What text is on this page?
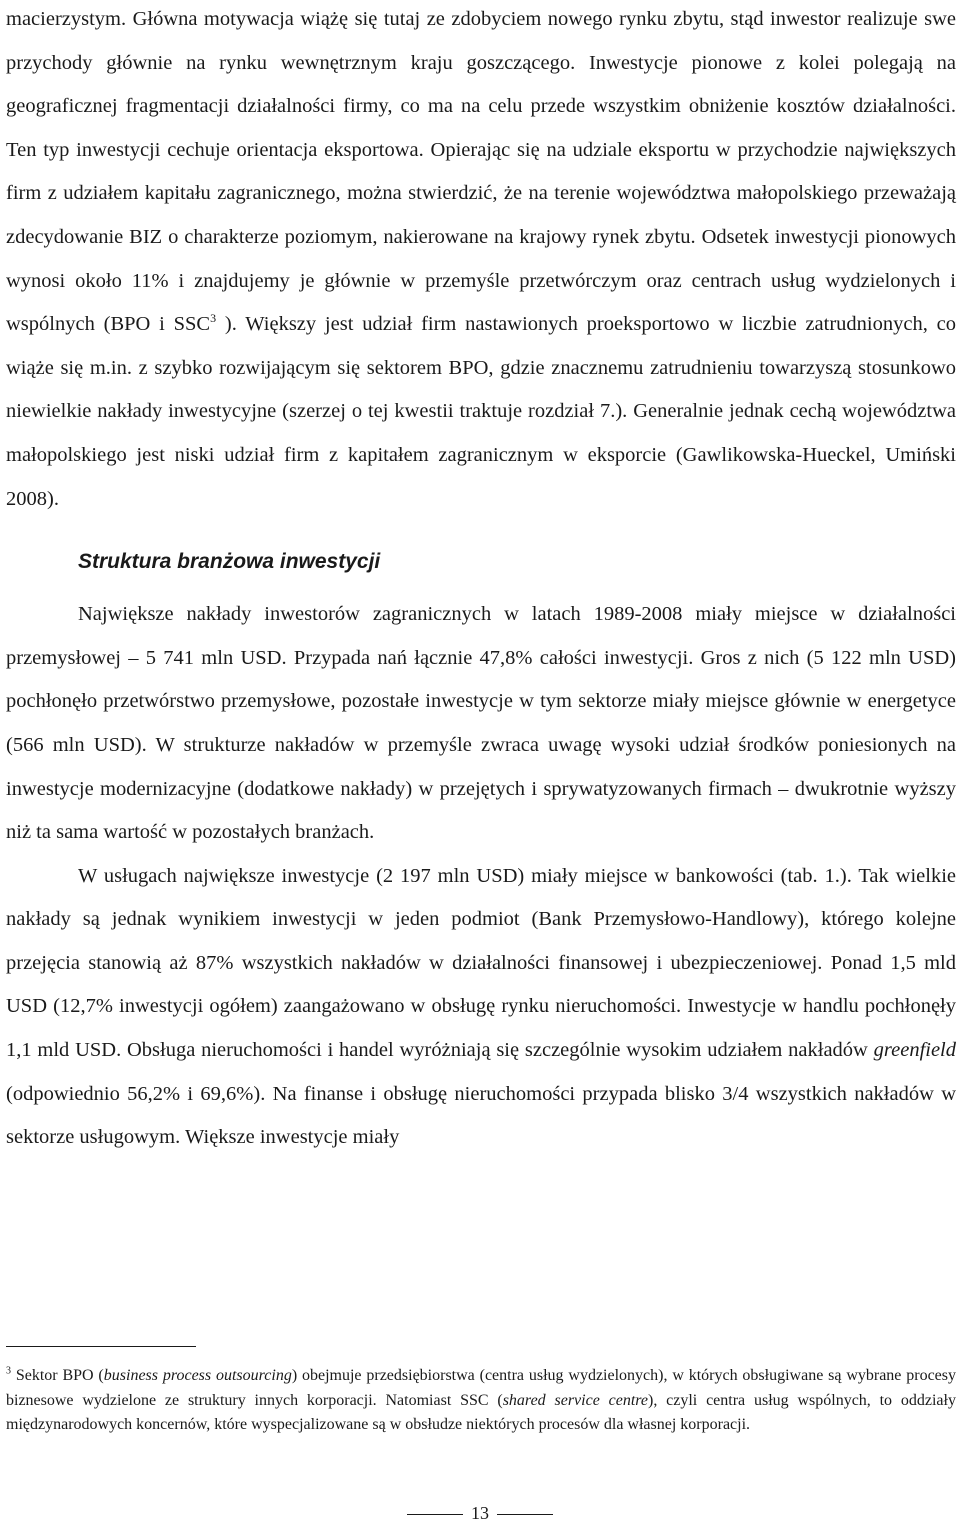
macierzystym. Główna motywacja wiążę się tutaj ze zdobyciem nowego rynku zbytu, stąd inwestor realizuje swe przychody głównie na rynku wewnętrznym kraju goszczącego. Inwestycje pionowe z kolei polegają na geograficznej fragmentacji działalności firmy, co ma na celu przede wszystkim obniżenie kosztów działalności. Ten typ inwestycji cechuje orientacja eksportowa. Opierając się na udziale eksportu w przychodzie największych firm z udziałem kapitału zagranicznego, można stwierdzić, że na terenie województwa małopolskiego przeważają zdecydowanie BIZ o charakterze poziomym, nakierowane na krajowy rynek zbytu. Odsetek inwestycji pionowych wynosi około 11% i znajdujemy je głównie w przemyśle przetwórczym oraz centrach usług wydzielonych i wspólnych (BPO i SSC$^3$ ). Większy jest udział firm nastawionych proeksportowo w liczbie zatrudnionych, co wiąże się m.in. z szybko rozwijającym się sektorem BPO, gdzie znacznemu zatrudnieniu towarzyszą stosunkowo niewielkie nakłady inwestycyjne (szerzej o tej kwestii traktuje rozdział 7.). Generalnie jednak cechą województwa małopolskiego jest niski udział firm z kapitałem zagranicznym w eksporcie (Gawlikowska-Hueckel, Umiński 2008).

Struktura branżowa inwestycji

Największe nakłady inwestorów zagranicznych w latach 1989-2008 miały miejsce w działalności przemysłowej – 5 741 mln USD. Przypada nań łącznie 47,8% całości inwestycji. Gros z nich (5 122 mln USD) pochłonęło przetwórstwo przemysłowe, pozostałe inwestycje w tym sektorze miały miejsce głównie w energetyce (566 mln USD). W strukturze nakładów w przemyśle zwraca uwagę wysoki udział środków poniesionych na inwestycje modernizacyjne (dodatkowe nakłady) w przejętych i sprywatyzowanych firmach – dwukrotnie wyższy niż ta sama wartość w pozostałych branżach.

W usługach największe inwestycje (2 197 mln USD) miały miejsce w bankowości (tab. 1.). Tak wielkie nakłady są jednak wynikiem inwestycji w jeden podmiot (Bank Przemysłowo-Handlowy), którego kolejne przejęcia stanowią aż 87% wszystkich nakładów w działalności finansowej i ubezpieczeniowej. Ponad 1,5 mld USD (12,7% inwestycji ogółem) zaangażowano w obsługę rynku nieruchomości. Inwestycje w handlu pochłonęły 1,1 mld USD. Obsługa nieruchomości i handel wyróżniają się szczególnie wysokim udziałem nakładów greenfield (odpowiednio 56,2% i 69,6%). Na finanse i obsługę nieruchomości przypada blisko 3/4 wszystkich nakładów w sektorze usługowym. Większe inwestycje miały

$^3$ Sektor BPO (business process outsourcing) obejmuje przedsiębiorstwa (centra usług wydzielonych), w których obsługiwane są wybrane procesy biznesowe wydzielone ze struktury innych korporacji. Natomiast SSC (shared service centre), czyli centra usług wspólnych, to oddziały międzynarodowych koncernów, które wyspecjalizowane są w obsłudze niektórych procesów dla własnej korporacji.

13
